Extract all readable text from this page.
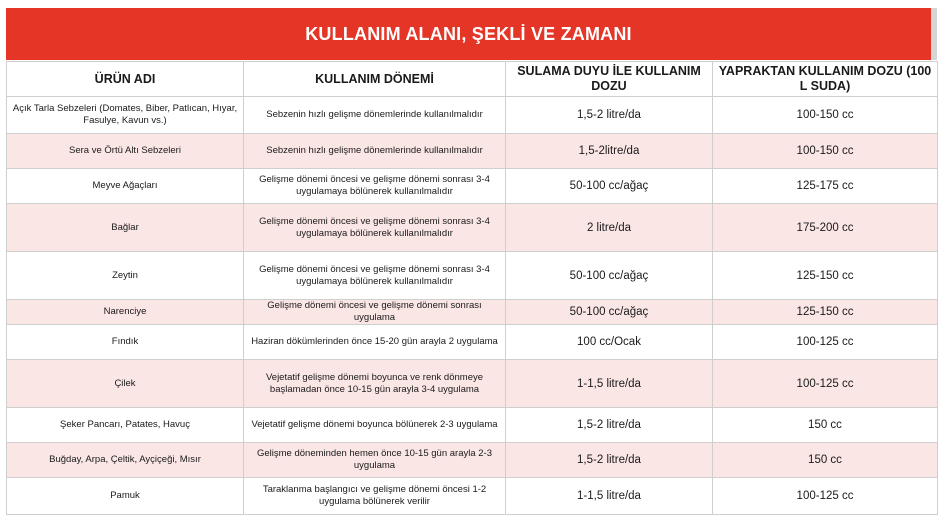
KULLANIM ALANI, ŞEKLİ VE ZAMANI
ÜRÜN ADI	KULLANIM DÖNEMİ	SULAMA DUYU İLE KULLANIM DOZU	YAPRAKTAN KULLANIM DOZU (100 L SUDA)
Açık Tarla Sebzeleri (Domates, Biber, Patlıcan, Hıyar, Fasulye, Kavun vs.)	Sebzenin hızlı gelişme dönemlerinde kullanılmalıdır	1,5-2 litre/da	100-150 cc
Sera ve Örtü Altı Sebzeleri	Sebzenin hızlı gelişme dönemlerinde kullanılmalıdır	1,5-2litre/da	100-150 cc
Meyve Ağaçları	Gelişme dönemi öncesi ve gelişme dönemi sonrası 3-4 uygulamaya bölünerek kullanılmalıdır	50-100 cc/ağaç	125-175 cc
Bağlar	Gelişme dönemi öncesi ve gelişme dönemi sonrası 3-4 uygulamaya bölünerek kullanılmalıdır	2 litre/da	175-200 cc
Zeytin	Gelişme dönemi öncesi ve gelişme dönemi sonrası 3-4 uygulamaya bölünerek kullanılmalıdır	50-100 cc/ağaç	125-150 cc
Narenciye	Gelişme dönemi öncesi ve gelişme dönemi sonrası uygulama	50-100 cc/ağaç	125-150 cc
Fındık	Haziran dökümlerinden önce 15-20 gün arayla 2 uygulama	100 cc/Ocak	100-125 cc
Çilek	Vejetatif gelişme dönemi boyunca ve renk dönmeye başlamadan önce 10-15 gün arayla 3-4 uygulama	1-1,5 litre/da	100-125 cc
Şeker Pancarı, Patates, Havuç	Vejetatif gelişme dönemi boyunca bölünerek 2-3 uygulama	1,5-2 litre/da	150 cc
Buğday, Arpa, Çeltik, Ayçiçeği, Mısır	Gelişme döneminden hemen önce 10-15 gün arayla 2-3 uygulama	1,5-2 litre/da	150 cc
Pamuk	Taraklanma başlangıcı ve gelişme dönemi öncesi 1-2 uygulama bölünerek verilir	1-1,5 litre/da	100-125 cc
